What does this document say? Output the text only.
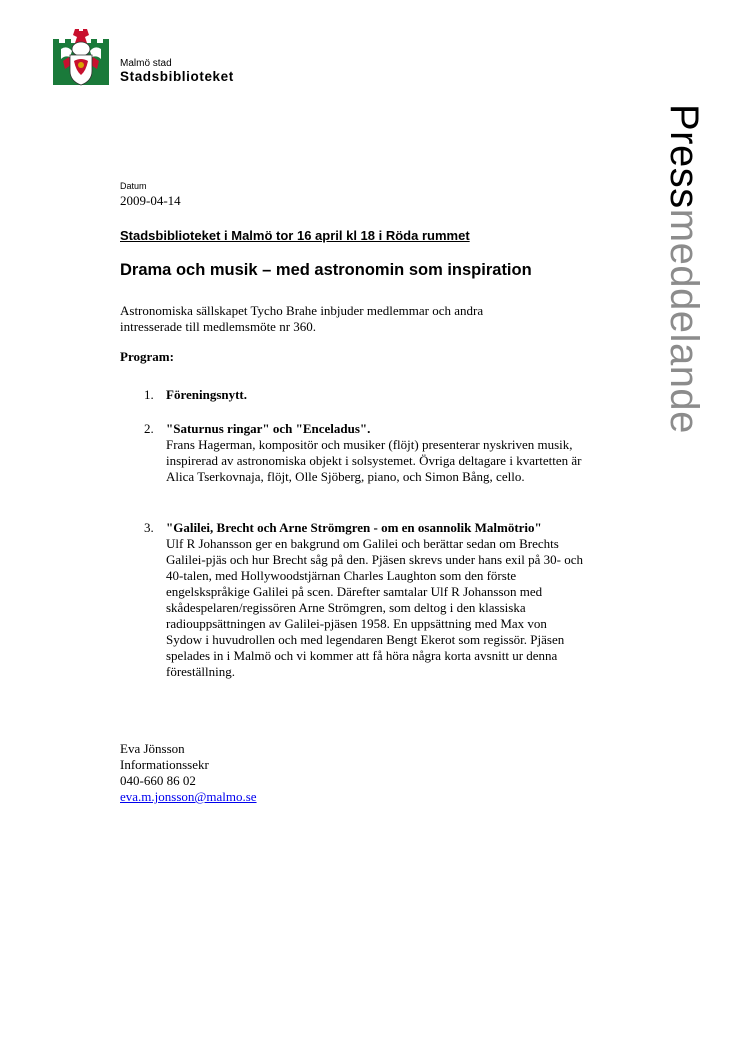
Malmö stad
Stadsbiblioteket
Pressmeddelande
Datum
2009-04-14
Stadsbiblioteket i Malmö tor 16 april kl 18 i Röda rummet
Drama och musik – med astronomin som inspiration
Astronomiska sällskapet Tycho Brahe inbjuder medlemmar och andra intresserade till medlemsmöte nr 360.
Program:
1. Föreningsnytt.
2. "Saturnus ringar" och "Enceladus".
Frans Hagerman, kompositör och musiker (flöjt) presenterar nyskriven musik, inspirerad av astronomiska objekt i solsystemet. Övriga deltagare i kvartetten är Alica Tserkovnaja, flöjt, Olle Sjöberg, piano, och Simon Bång, cello.
3. "Galilei, Brecht och Arne Strömgren - om en osannolik Malmötrio"
Ulf R Johansson ger en bakgrund om Galilei och berättar sedan om Brechts Galilei-pjäs och hur Brecht såg på den. Pjäsen skrevs under hans exil på 30- och 40-talen, med Hollywoodstjärnan Charles Laughton som den förste engelskspråkige Galilei på scen. Därefter samtalar Ulf R Johansson med skådespelaren/regissören Arne Strömgren, som deltog i den klassiska radiouppsättningen av Galilei-pjäsen 1958. En uppsättning med Max von Sydow i huvudrollen och med legendaren Bengt Ekerot som regissör. Pjäsen spelades in i Malmö och vi kommer att få höra några korta avsnitt ur denna föreställning.
Eva Jönsson
Informationssekr
040-660 86 02
eva.m.jonsson@malmo.se
